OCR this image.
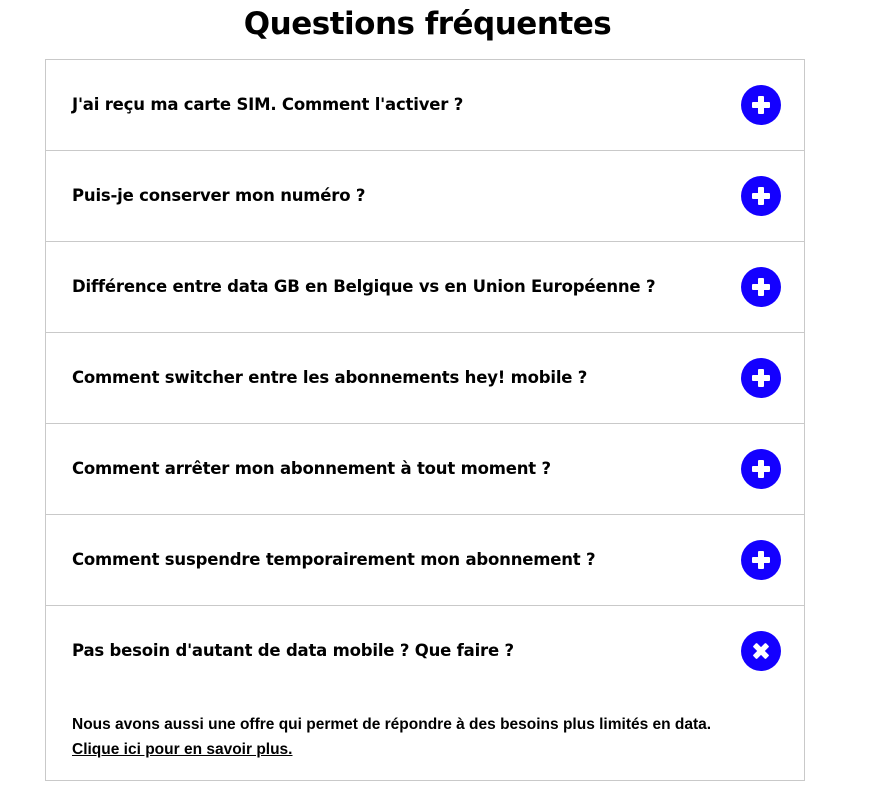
Questions fréquentes
J'ai reçu ma carte SIM. Comment l'activer ?
Puis-je conserver mon numéro ?
Différence entre data GB en Belgique vs en Union Européenne ?
Comment switcher entre les abonnements hey! mobile ?
Comment arrêter mon abonnement à tout moment ?
Comment suspendre temporairement mon abonnement ?
Pas besoin d'autant de data mobile ? Que faire ?
Nous avons aussi une offre qui permet de répondre à des besoins plus limités en data.
Clique ici pour en savoir plus.
